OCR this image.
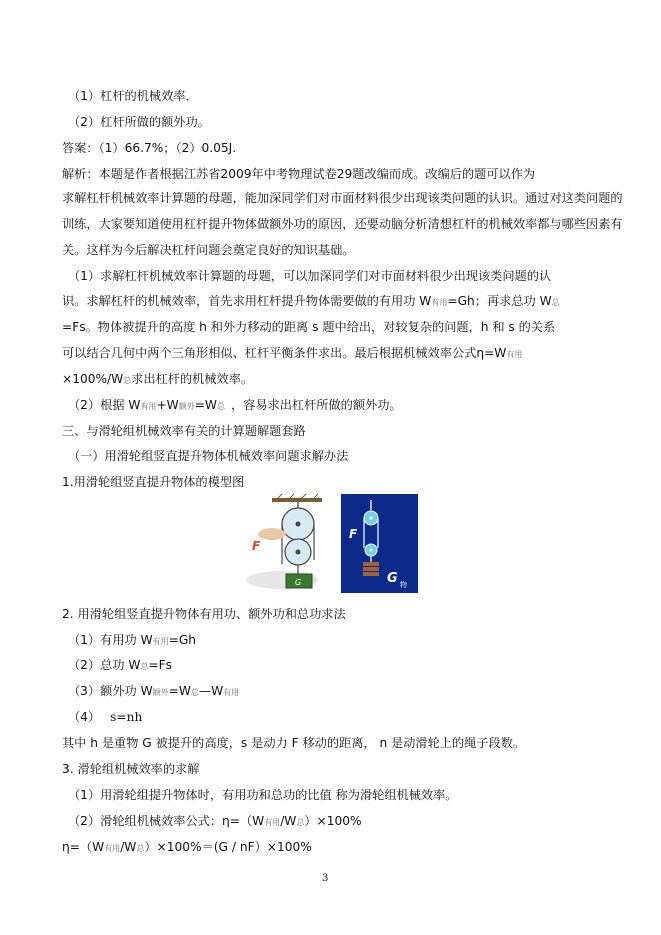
（1）杠杆的机械效率．
（2）杠杆所做的额外功。
答案：（1）66.7%；（2）0.05J.
解析：本题是作者根据江苏省2009年中考物理试卷29题改编而成。改编后的题可以作为
求解杠杆机械效率计算题的母题，能加深同学们对市面材料很少出现该类问题的认识。通过对这类问题的
训练，大家要知道使用杠杆提升物体做额外功的原因，还要动脑分析清想杠杆的机械效率都与哪些因素有
关。这样为今后解决杠杆问题会奠定良好的知识基础。
（1）求解杠杆机械效率计算题的母题，可以加深同学们对市面材料很少出现该类问题的认
识。求解杠杆的机械效率，首先求用杠杆提升物体需要做的有用功 W有用=Gh；再求总功 W总
=Fs。物体被提升的高度 h 和外力移动的距离 s 题中给出，对较复杂的问题，h 和 s 的关系
可以结合几何中两个三角形相似、杠杆平衡条件求出。最后根据机械效率公式η=W有用
×100%/W总求出杠杆的机械效率。
（2）根据 W有用+W额外=W总 ，容易求出杠杆所做的额外功。
三、与滑轮组机械效率有关的计算题解题套路
（一）用滑轮组竖直提升物体机械效率问题求解办法
1.用滑轮组竖直提升物体的模型图
F
G
F
G 物
2. 用滑轮组竖直提升物体有用功、额外功和总功求法
（1）有用功 W有用=Gh
（2）总功 W总=Fs
（3）额外功 W额外=W总—W有用
（4） s=nh
其中 h 是重物 G 被提升的高度，s 是动力 F 移动的距离， n 是动滑轮上的绳子段数。
3. 滑轮组机械效率的求解
（1）用滑轮组提升物体时，有用功和总功的比值 称为滑轮组机械效率。
（2）滑轮组机械效率公式：η=（W有用/W总）×100%
η=（W有用/W总）×100%＝(G / nF）×100%
3
